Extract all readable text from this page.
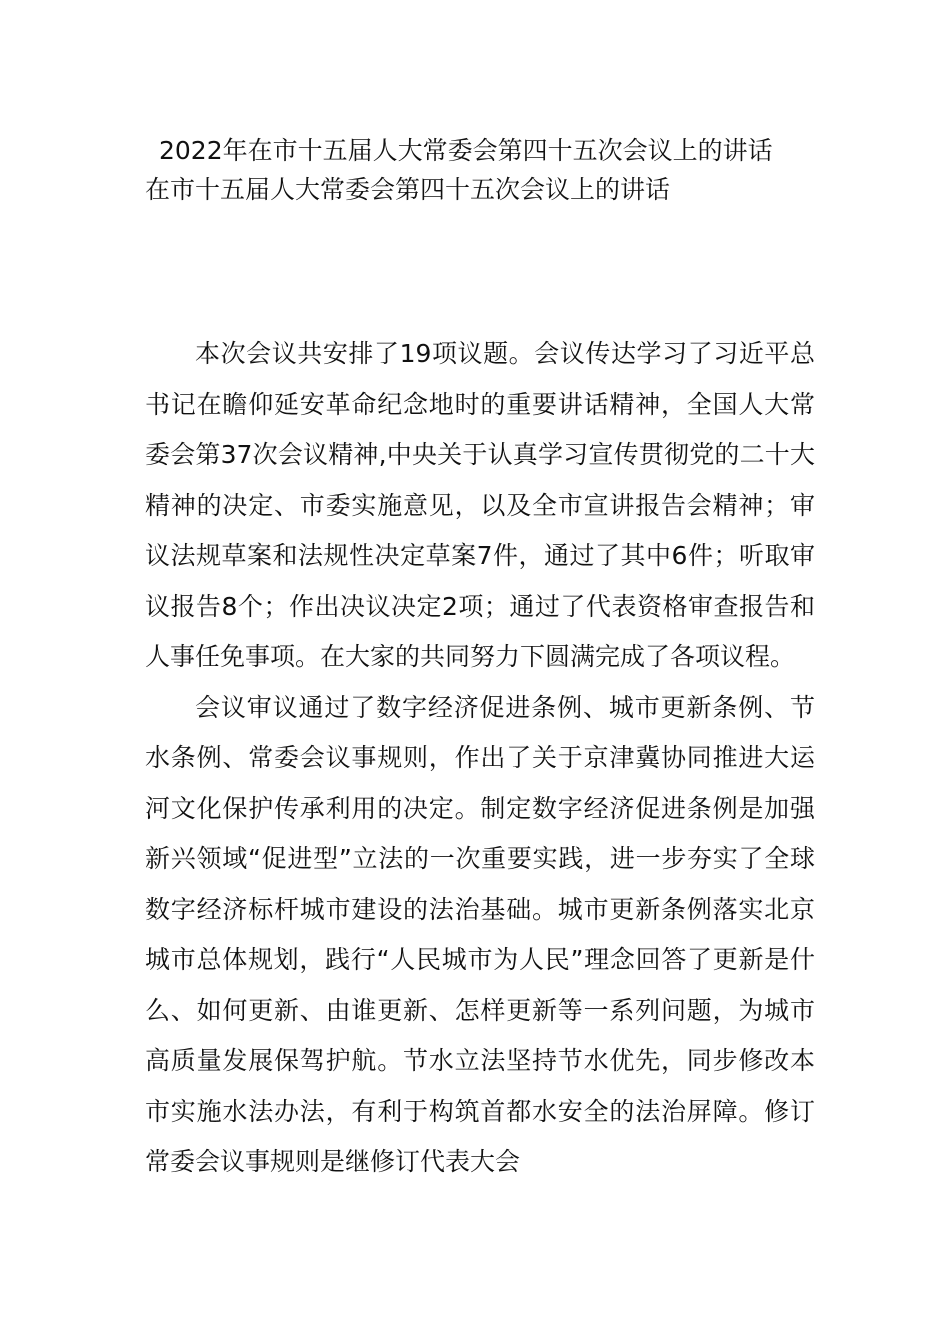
2022年在市十五届人大常委会第四十五次会议上的讲话
在市十五届人大常委会第四十五次会议上的讲话

本次会议共安排了19项议题。会议传达学习了习近平总书记在瞻仰延安革命纪念地时的重要讲话精神，全国人大常委会第37次会议精神,中央关于认真学习宣传贯彻党的二十大精神的决定、市委实施意见，以及全市宣讲报告会精神；审议法规草案和法规性决定草案7件，通过了其中6件；听取审议报告8个；作出决议决定2项；通过了代表资格审查报告和人事任免事项。在大家的共同努力下圆满完成了各项议程。

会议审议通过了数字经济促进条例、城市更新条例、节水条例、常委会议事规则，作出了关于京津冀协同推进大运河文化保护传承利用的决定。制定数字经济促进条例是加强新兴领域“促进型”立法的一次重要实践，进一步夯实了全球数字经济标杆城市建设的法治基础。城市更新条例落实北京城市总体规划，践行“人民城市为人民”理念回答了更新是什么、如何更新、由谁更新、怎样更新等一系列问题，为城市高质量发展保驾护航。节水立法坚持节水优先，同步修改本市实施水法办法，有利于构筑首都水安全的法治屏障。修订常委会议事规则是继修订代表大会
